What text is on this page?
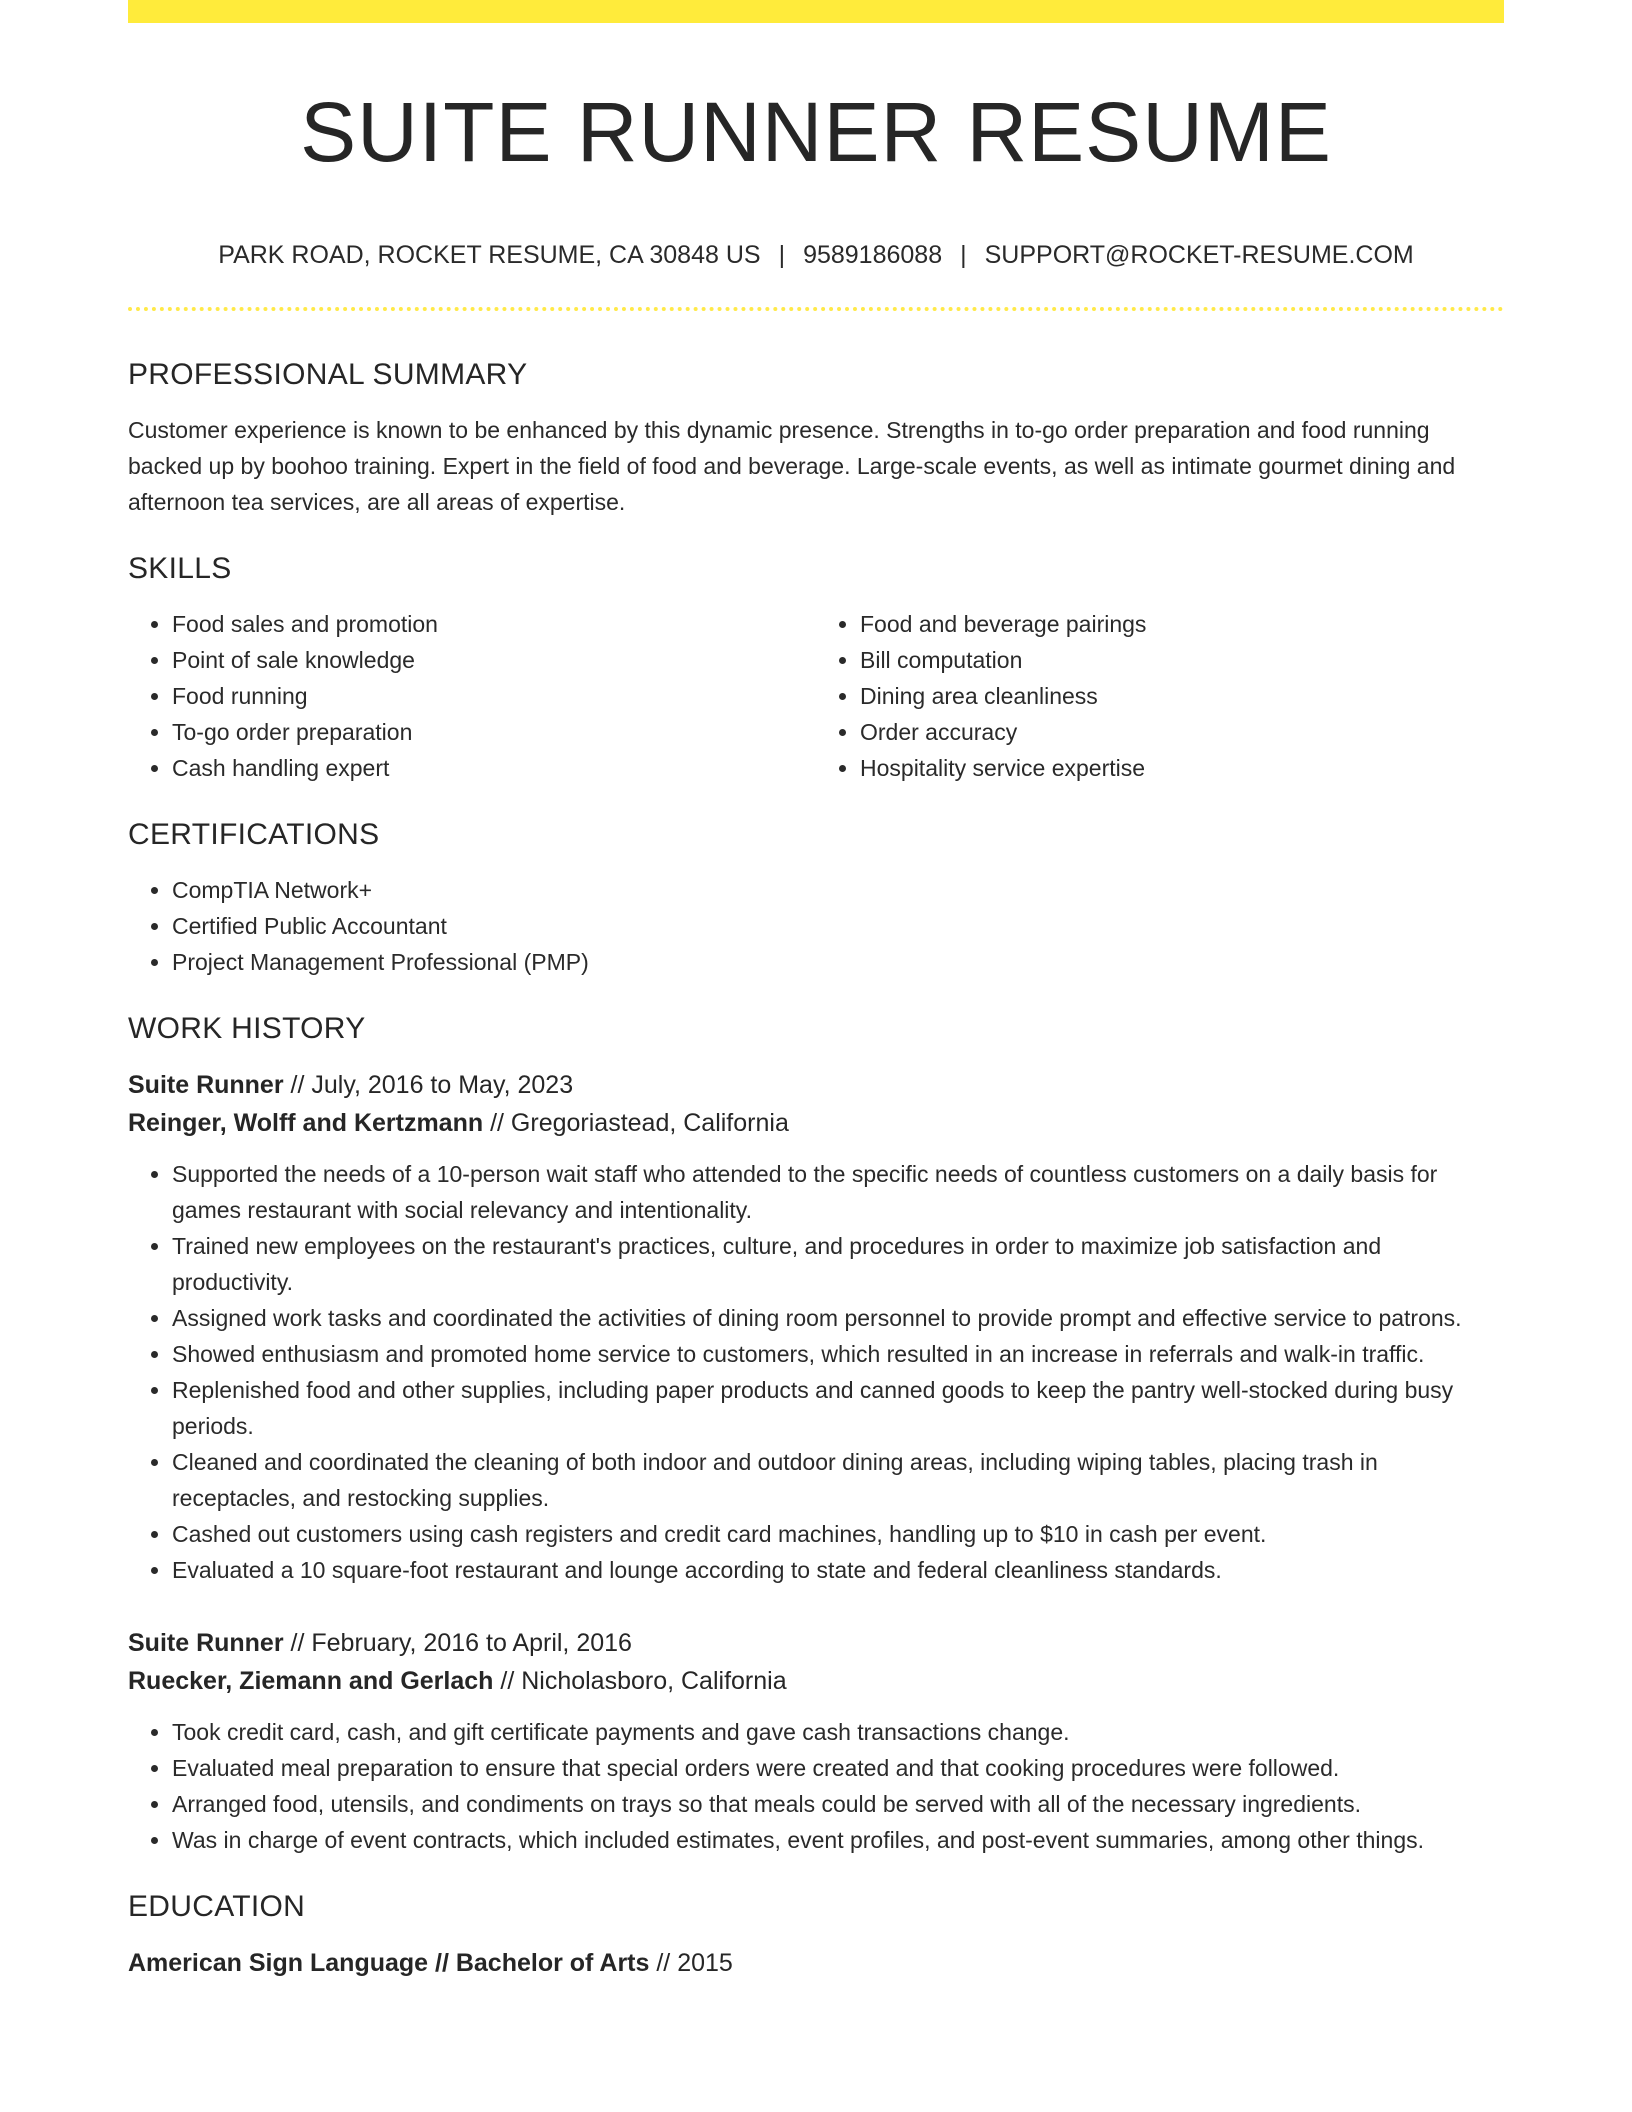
SUITE RUNNER RESUME
PARK ROAD, ROCKET RESUME, CA 30848 US | 9589186088 | SUPPORT@ROCKET-RESUME.COM
PROFESSIONAL SUMMARY

Customer experience is known to be enhanced by this dynamic presence. Strengths in to-go order preparation and food running backed up by boohoo training. Expert in the field of food and beverage. Large-scale events, as well as intimate gourmet dining and afternoon tea services, are all areas of expertise.

SKILLS
• Food sales and promotion
• Point of sale knowledge
• Food running
• To-go order preparation
• Cash handling expert
• Food and beverage pairings
• Bill computation
• Dining area cleanliness
• Order accuracy
• Hospitality service expertise
CERTIFICATIONS
• CompTIA Network+
• Certified Public Accountant
• Project Management Professional (PMP)
WORK HISTORY
Suite Runner // July, 2016 to May, 2023
Reinger, Wolff and Kertzmann // Gregoriastead, California
• Supported the needs of a 10-person wait staff who attended to the specific needs of countless customers on a daily basis for games restaurant with social relevancy and intentionality.
• Trained new employees on the restaurant's practices, culture, and procedures in order to maximize job satisfaction and productivity.
• Assigned work tasks and coordinated the activities of dining room personnel to provide prompt and effective service to patrons.
• Showed enthusiasm and promoted home service to customers, which resulted in an increase in referrals and walk-in traffic.
• Replenished food and other supplies, including paper products and canned goods to keep the pantry well-stocked during busy periods.
• Cleaned and coordinated the cleaning of both indoor and outdoor dining areas, including wiping tables, placing trash in receptacles, and restocking supplies.
• Cashed out customers using cash registers and credit card machines, handling up to $10 in cash per event.
• Evaluated a 10 square-foot restaurant and lounge according to state and federal cleanliness standards.
Suite Runner // February, 2016 to April, 2016
Ruecker, Ziemann and Gerlach // Nicholasboro, California
• Took credit card, cash, and gift certificate payments and gave cash transactions change.
• Evaluated meal preparation to ensure that special orders were created and that cooking procedures were followed.
• Arranged food, utensils, and condiments on trays so that meals could be served with all of the necessary ingredients.
• Was in charge of event contracts, which included estimates, event profiles, and post-event summaries, among other things.
EDUCATION
American Sign Language // Bachelor of Arts // 2015
